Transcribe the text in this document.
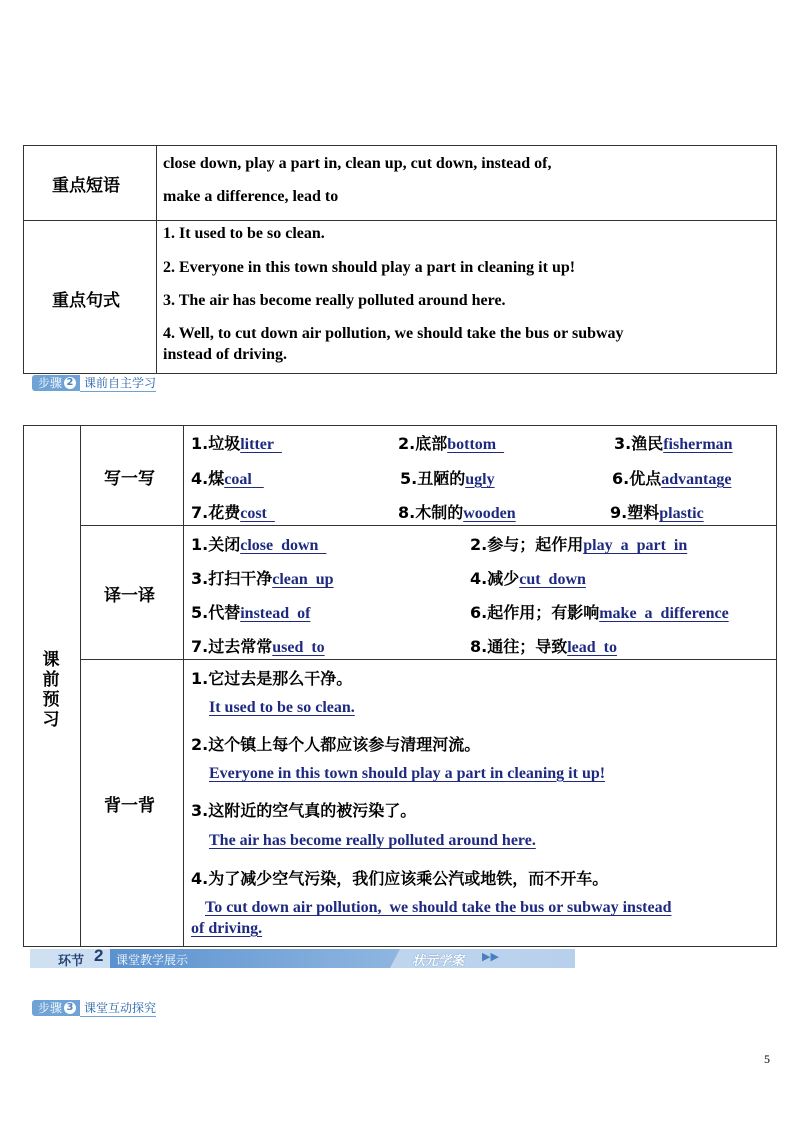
重点短语
close down, play a part in, clean up, cut down, instead of,
make a difference, lead to
重点句式
1. It used to be so clean.
2. Everyone in this town should play a part in cleaning it up!
3. The air has become really polluted around here.
4. Well, to cut down air pollution, we should take the bus or subway
instead of driving.
步骤 2 课前自主学习
课前预习
写一写
1.垃圾litter	2.底部bottom	3.渔民fisherman
4.煤coal	5.丑陋的ugly	6.优点advantage
7.花费cost	8.木制的wooden	9.塑料plastic
译一译
1.关闭close  down	2.参与；起作用play  a  part  in
3.打扫干净clean  up	4.减少cut  down
5.代替instead  of	6.起作用；有影响make  a  difference
7.过去常常used  to	8.通往；导致lead  to
背一背
1.它过去是那么干净。
It used to be so clean.
2.这个镇上每个人都应该参与清理河流。
Everyone in this town should play a part in cleaning it up!
3.这附近的空气真的被污染了。
The air has become really polluted around here.
4.为了减少空气污染，我们应该乘公汽或地铁，而不开车。
To cut down air pollution,  we should take the bus or subway instead
of driving.
环节 2 课堂教学展示	状元学案 ▶▶
步骤 3 课堂互动探究
5
